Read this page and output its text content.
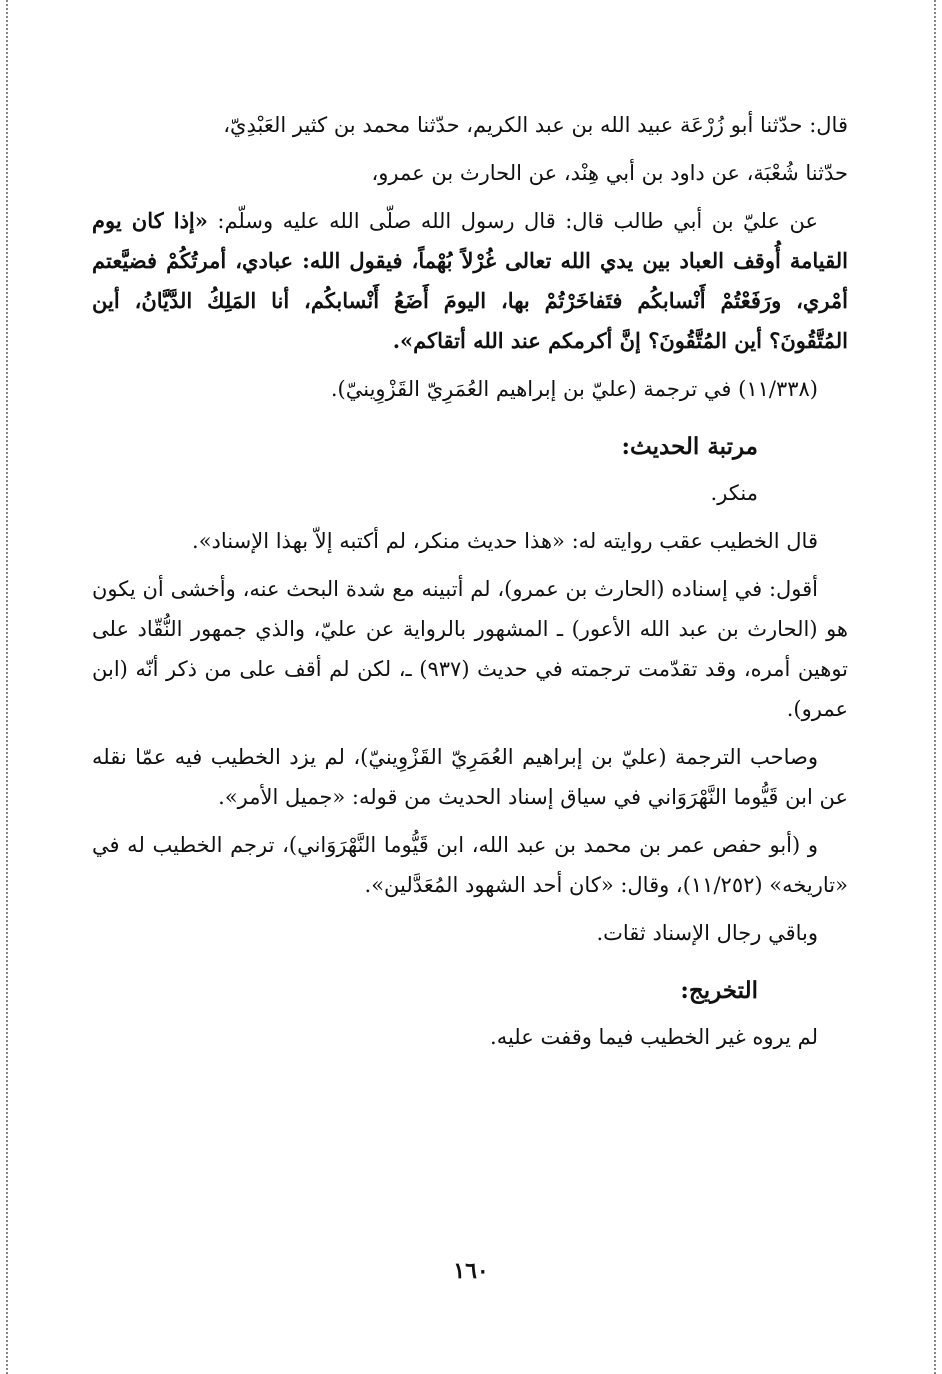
قال: حدّثنا أبو زُرْعَة عبيد الله بن عبد الكريم، حدّثنا محمد بن كثير العَبْدِيّ،

حدّثنا شُعْبَة، عن داود بن أبي هِنْد، عن الحارث بن عمرو،

عن عليّ بن أبي طالب قال: قال رسول الله صلّى الله عليه وسلّم: «إذا كان يوم القيامة أُوقف العباد بين يدي الله تعالى غُرْلاً بُهْماً، فيقول الله: عبادي، أمرتُكُمْ فضيَّعتم أمْري، ورَفَعْتُمْ أَنْسابكُم فتَفاخَرْتُمْ بها، اليومَ أَضَعُ أَنْسابكُم، أنا المَلِكُ الدَّيَّانُ، أين المُتَّقُونَ؟ أين المُتَّقُونَ؟ إنَّ أكرمكم عند الله أتقاكم».

(١١/٣٣٨) في ترجمة (عليّ بن إبراهيم العُمَرِيّ القَزْوِينيّ).

مرتبة الحديث:

منكر.

قال الخطيب عقب روايته له: «هذا حديث منكر، لم أكتبه إلاّ بهذا الإسناد».

أقول: في إسناده (الحارث بن عمرو)، لم أتبينه مع شدة البحث عنه، وأخشى أن يكون هو (الحارث بن عبد الله الأعور) ـ المشهور بالرواية عن عليّ، والذي جمهور النُّقّاد على توهين أمره، وقد تقدّمت ترجمته في حديث (٩٣٧) ـ، لكن لم أقف على من ذكر أنّه (ابن عمرو).

وصاحب الترجمة (عليّ بن إبراهيم العُمَرِيّ القَزْوِينيّ)، لم يزد الخطيب فيه عمّا نقله عن ابن قَيُّوما النَّهْرَوَاني في سياق إسناد الحديث من قوله: «جميل الأمر».

و (أبو حفص عمر بن محمد بن عبد الله، ابن قَيُّوما النَّهْرَوَاني)، ترجم الخطيب له في «تاريخه» (١١/٢٥٢)، وقال: «كان أحد الشهود المُعَدَّلين».

وباقي رجال الإسناد ثقات.

التخريج:

لم يروه غير الخطيب فيما وقفت عليه.

١٦٠
